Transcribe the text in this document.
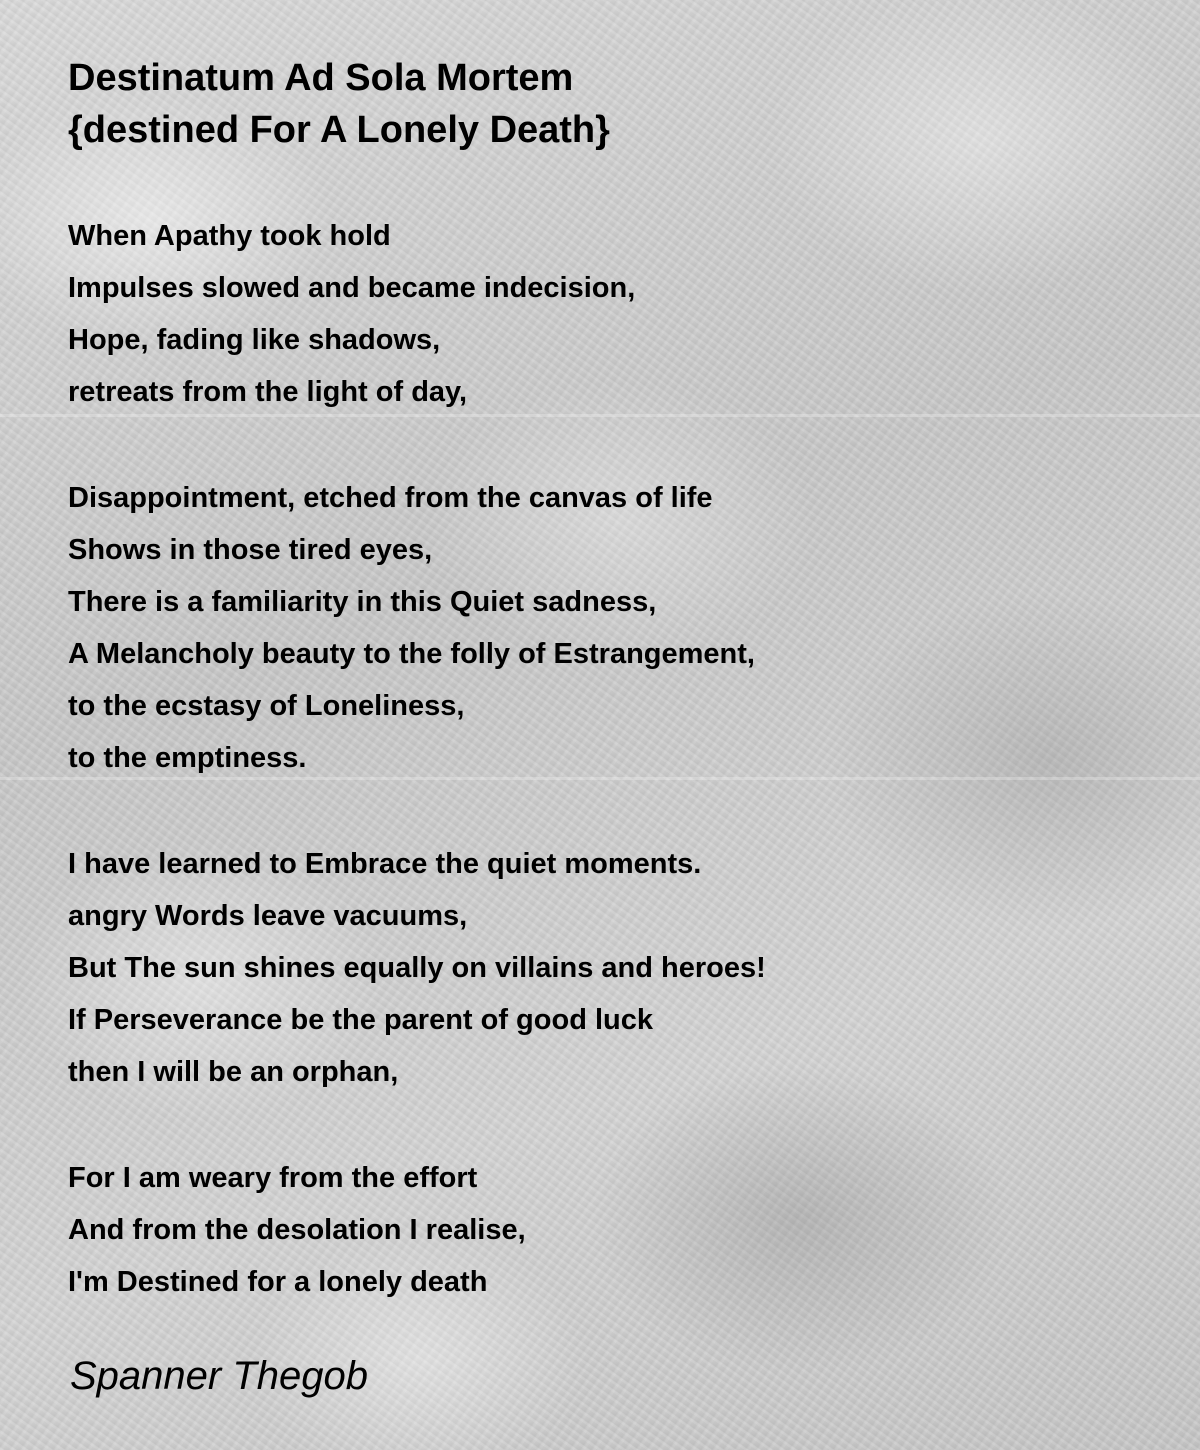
Destinatum Ad Sola Mortem
{destined For A Lonely Death}
When Apathy took hold
Impulses slowed and became indecision,
Hope, fading like shadows,
retreats from the light of day,
Disappointment, etched from the canvas of life
Shows in those tired eyes,
There is a familiarity in this Quiet sadness,
A Melancholy beauty to the folly of Estrangement,
to the ecstasy of Loneliness,
to the emptiness.
I have learned to Embrace the quiet moments.
angry Words leave vacuums,
But The sun shines equally on villains and heroes!
If Perseverance be the parent of good luck
then I will be an orphan,
For I am weary from the effort
And from the desolation I realise,
I'm Destined for a lonely death
Spanner Thegob
